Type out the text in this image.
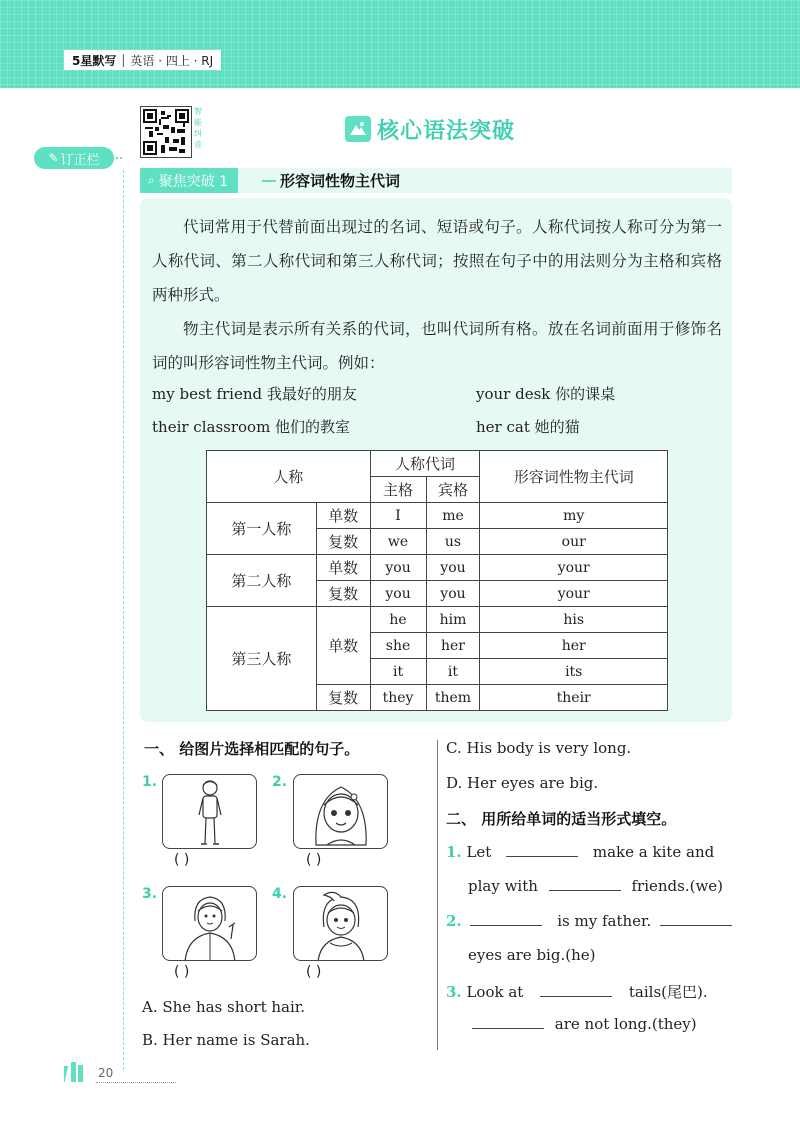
5星默写 | 英语 · 四上 · RJ
✎ 订正栏
智能纠音
核心语法突破
⌕ 聚焦突破 1	形容词性物主代词

代词常用于代替前面出现过的名词、短语或句子。人称代词按人称可分为第一人称代词、第二人称代词和第三人称代词；按照在句子中的用法则分为主格和宾格两种形式。

物主代词是表示所有关系的代词，也叫代词所有格。放在名词前面用于修饰名词的叫形容词性物主代词。例如：

my best friend 我最好的朋友	your desk 你的课桌
their classroom 他们的教室	her cat 她的猫
人称		人称代词		形容词性物主代词
		主格	宾格	
第一人称	单数	I	me	my
	复数	we	us	our
第二人称	单数	you	you	your
	复数	you	you	your
第三人称	单数	he	him	his
		she	her	her
		it	it	its
	复数	they	them	their
一、 给图片选择相匹配的句子。
1.
( )
2.
( )
3.
( )
4.
( )
A. She has short hair.
B. Her name is Sarah.
C. His body is very long.
D. Her eyes are big.
二、 用所给单词的适当形式填空。
1. Let	make a kite and
play with	friends.(we)
2.	is my father.
eyes are big.(he)
3. Look at	tails(尾巴).
are not long.(they)
20
